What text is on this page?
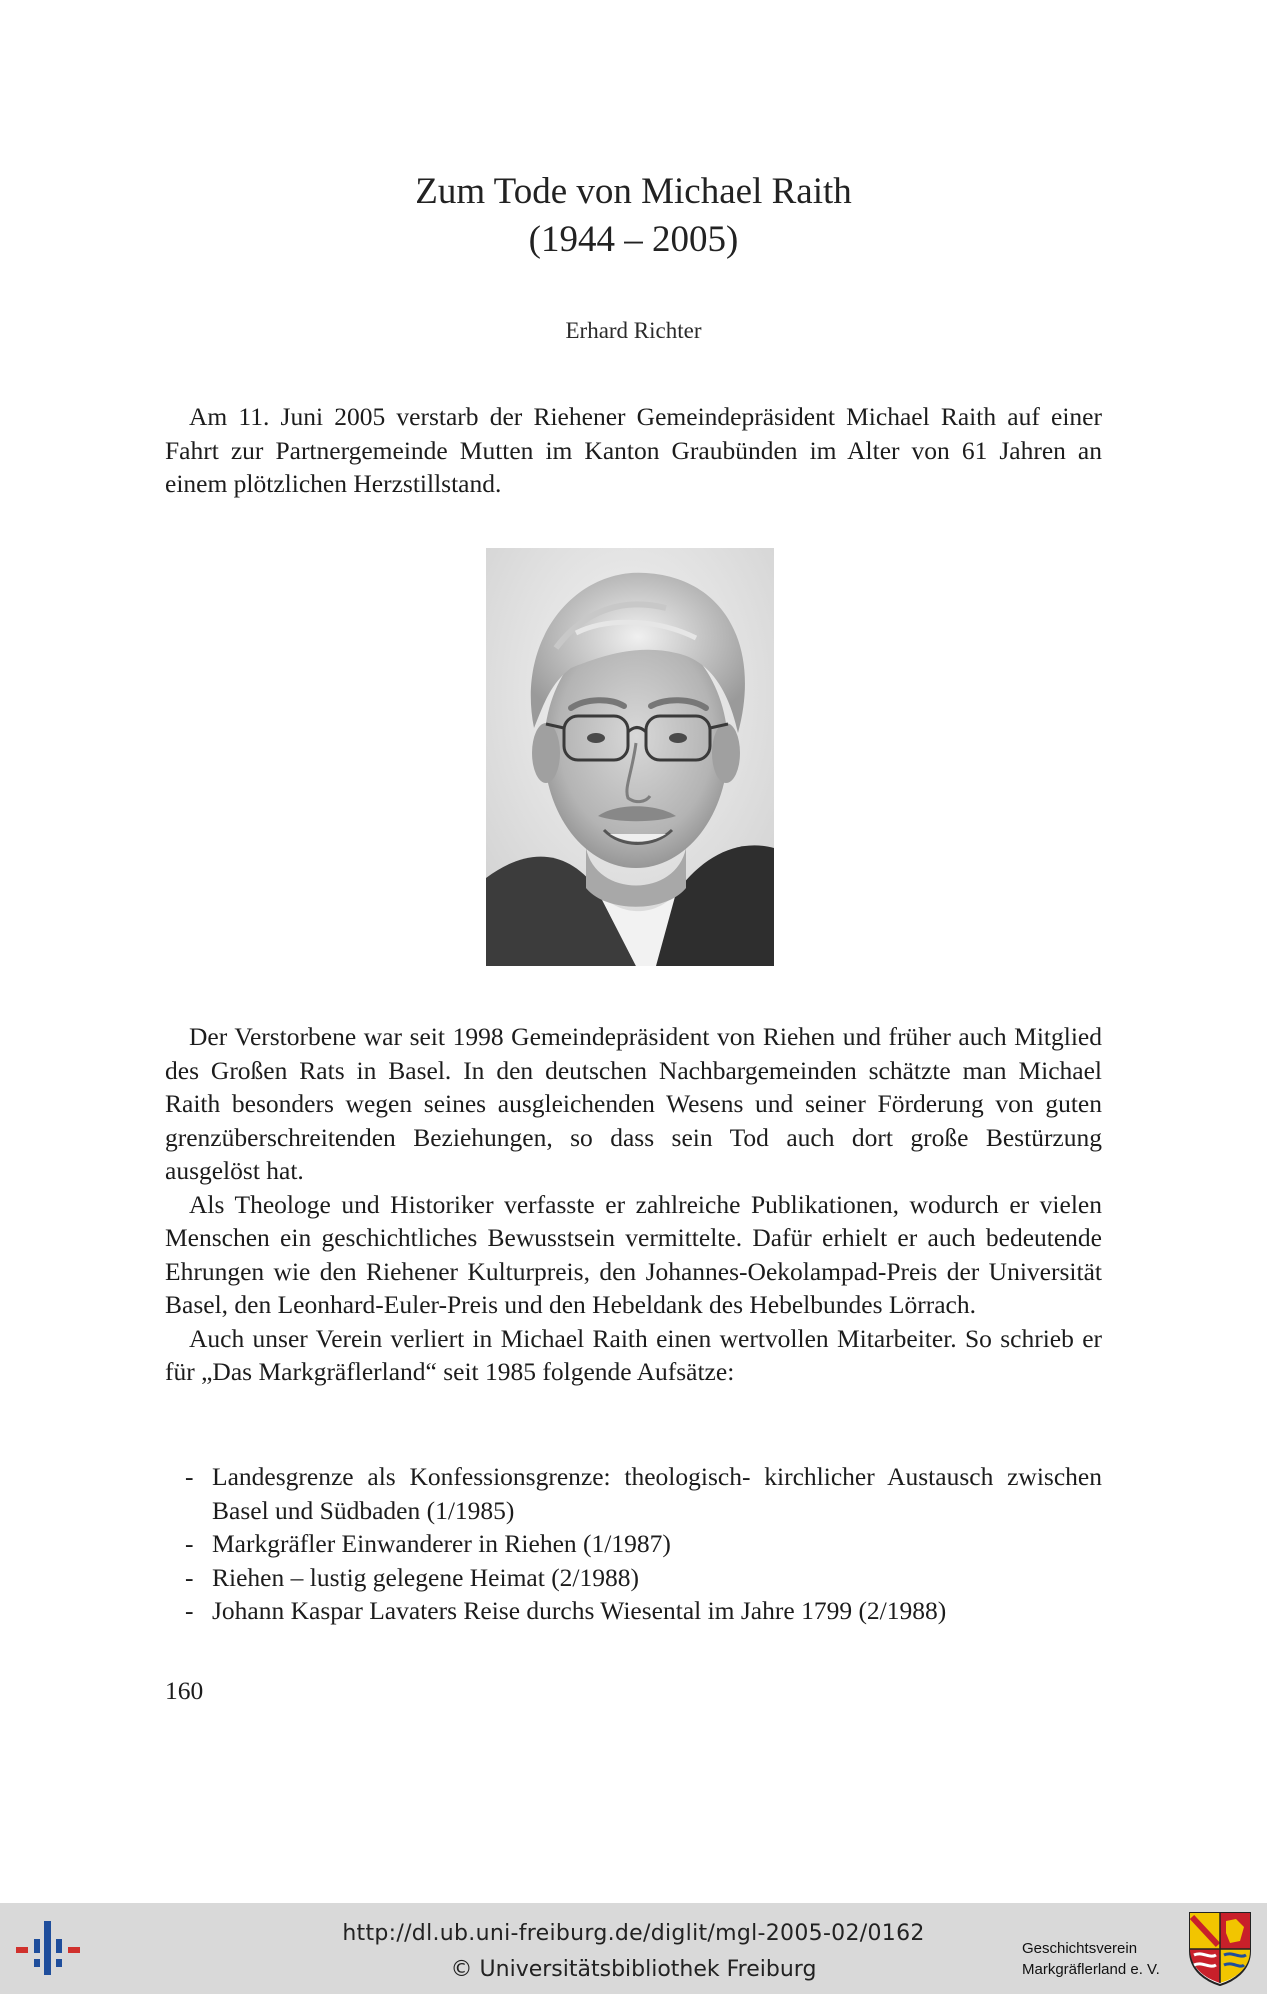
Zum Tode von Michael Raith
(1944 – 2005)
Erhard Richter

Am 11. Juni 2005 verstarb der Riehener Gemeindepräsident Michael Raith auf einer Fahrt zur Partnergemeinde Mutten im Kanton Graubünden im Alter von 61 Jahren an einem plötzlichen Herzstillstand.

Der Verstorbene war seit 1998 Gemeindepräsident von Riehen und früher auch Mitglied des Großen Rats in Basel. In den deutschen Nachbargemeinden schätzte man Michael Raith besonders wegen seines ausgleichenden Wesens und seiner Förderung von guten grenzüberschreitenden Beziehungen, so dass sein Tod auch dort große Bestürzung ausgelöst hat.

Als Theologe und Historiker verfasste er zahlreiche Publikationen, wodurch er vielen Menschen ein geschichtliches Bewusstsein vermittelte. Dafür erhielt er auch bedeutende Ehrungen wie den Riehener Kulturpreis, den Johannes-Oekolampad-Preis der Universität Basel, den Leonhard-Euler-Preis und den Hebeldank des Hebelbundes Lörrach.

Auch unser Verein verliert in Michael Raith einen wertvollen Mitarbeiter. So schrieb er für „Das Markgräflerland“ seit 1985 folgende Aufsätze:

- Landesgrenze als Konfessionsgrenze: theologisch- kirchlicher Austausch zwischen Basel und Südbaden (1/1985)
- Markgräfler Einwanderer in Riehen (1/1987)
- Riehen – lustig gelegene Heimat (2/1988)
- Johann Kaspar Lavaters Reise durchs Wiesental im Jahre 1799 (2/1988)
160
http://dl.ub.uni-freiburg.de/diglit/mgl-2005-02/0162
© Universitätsbibliothek Freiburg
Geschichtsverein
Markgräflerland e. V.
